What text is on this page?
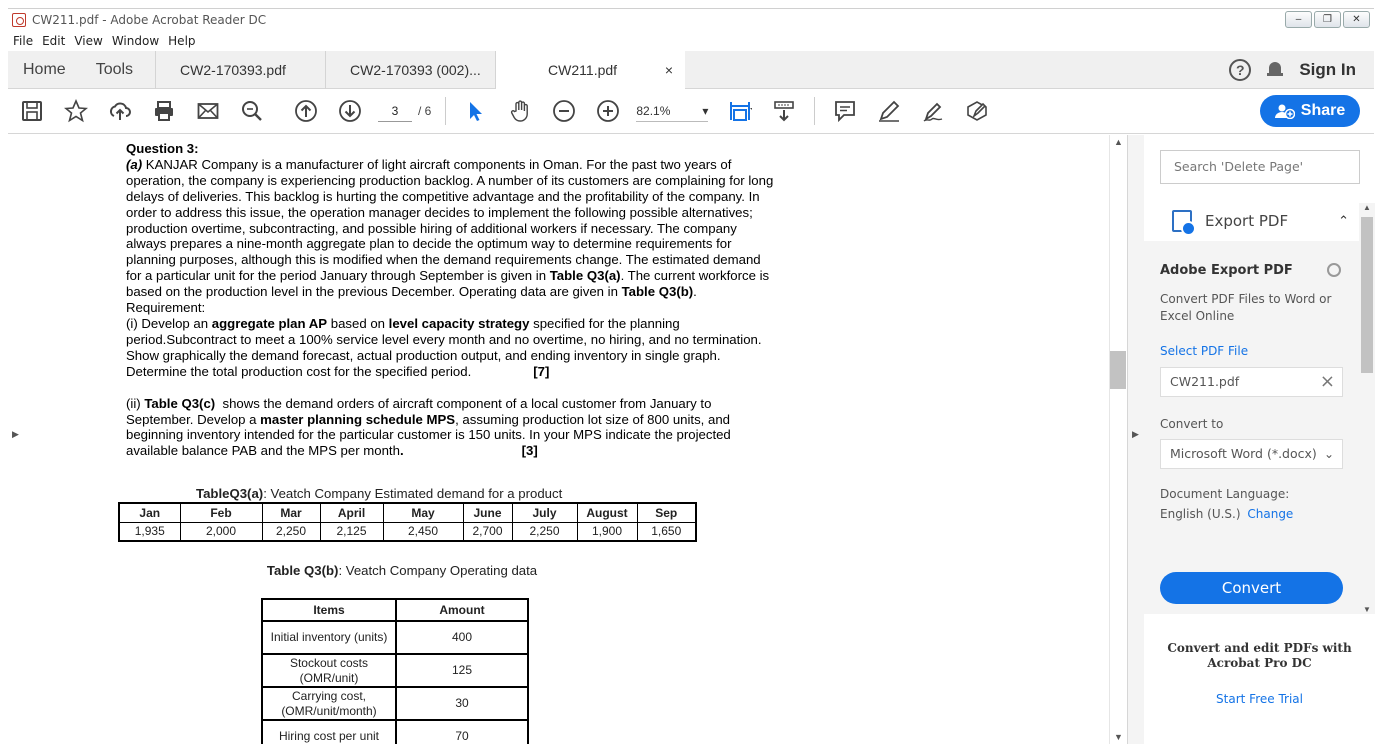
CW211.pdf - Adobe Acrobat Reader DC	–	❐	✕
File Edit View Window Help
Home	Tools	CW2-170393.pdf	CW2-170393 (002)...	CW211.pdf	×	?	Sign In
3	/ 6	82.1%	▾	Share
▶

Question 3:

(a) KANJAR Company is a manufacturer of light aircraft components in Oman. For the past two years of operation, the company is experiencing production backlog. A number of its customers are complaining for long delays of deliveries. This backlog is hurting the competitive advantage and the profitability of the company. In order to address this issue, the operation manager decides to implement the following possible alternatives; production overtime, subcontracting, and possible hiring of additional workers if necessary. The company always prepares a nine-month aggregate plan to decide the optimum way to determine requirements for planning purposes, although this is modified when the demand requirements change. The estimated demand for a particular unit for the period January through September is given in Table Q3(a). The current workforce is based on the production level in the previous December. Operating data are given in Table Q3(b).

Requirement:

(i) Develop an aggregate plan AP based on level capacity strategy specified for the planning period.Subcontract to meet a 100% service level every month and no overtime, no hiring, and no termination. Show graphically the demand forecast, actual production output, and ending inventory in single graph. Determine the total production cost for the specified period.	[7]

(ii) Table Q3(c) shows the demand orders of aircraft component of a local customer from January to September. Develop a master planning schedule MPS, assuming production lot size of 800 units, and beginning inventory intended for the particular customer is 150 units. In your MPS indicate the projected available balance PAB and the MPS per month.	[3]

TableQ3(a): Veatch Company Estimated demand for a product
Jan	Feb	Mar	April	May	June	July	August	Sep
1,935	2,000	2,250	2,125	2,450	2,700	2,250	1,900	1,650
Table Q3(b): Veatch Company Operating data
Items	Amount
Initial inventory (units)	400
Stockout costs (OMR/unit)	125
Carrying cost, (OMR/unit/month)	30
Hiring cost per unit	70
▲
▼
▶
Search 'Delete Page'
Export PDF	⌃
Adobe Export PDF
Convert PDF Files to Word or Excel Online
Select PDF File
CW211.pdf	×
Convert to
Microsoft Word (*.docx) ⌄
Document Language:
English (U.S.) Change
Convert
▲
▼
Convert and edit PDFs with Acrobat Pro DC
Start Free Trial
